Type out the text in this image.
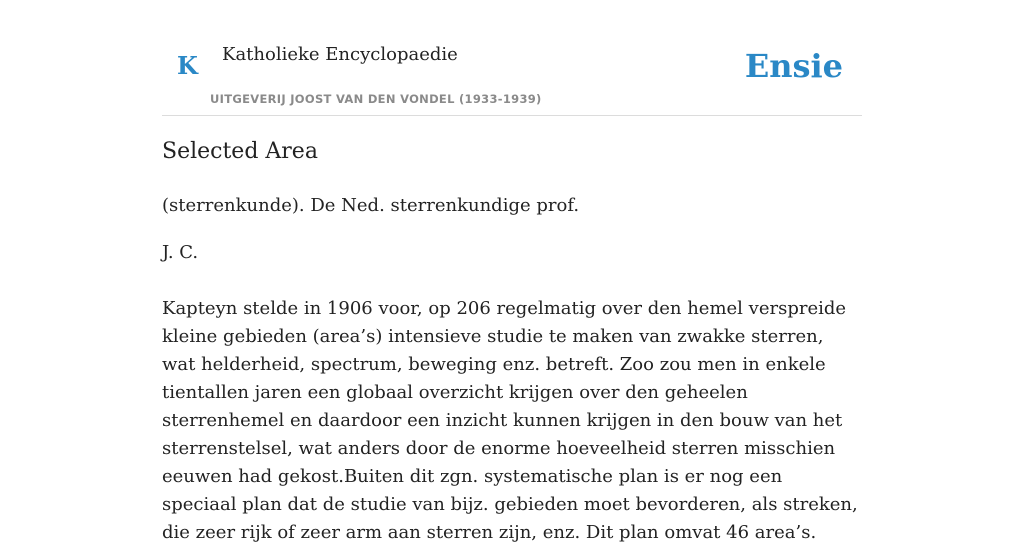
K Katholieke Encyclopaedie
UITGEVERIJ JOOST VAN DEN VONDEL (1933-1939)
Ensie
Selected Area

(sterrenkunde). De Ned. sterrenkundige prof.

J. C.

Kapteyn stelde in 1906 voor, op 206 regelmatig over den hemel verspreide kleine gebieden (area’s) intensieve studie te maken van zwakke sterren, wat helderheid, spectrum, beweging enz. betreft. Zoo zou men in enkele tientallen jaren een globaal overzicht krijgen over den geheelen sterrenhemel en daardoor een inzicht kunnen krijgen in den bouw van het sterrenstelsel, wat anders door de enorme hoeveelheid sterren misschien eeuwen had gekost.Buiten dit zgn. systematische plan is er nog een speciaal plan dat de studie van bijz. gebieden moet bevorderen, als streken, die zeer rijk of zeer arm aan sterren zijn, enz. Dit plan omvat 46 area’s.
